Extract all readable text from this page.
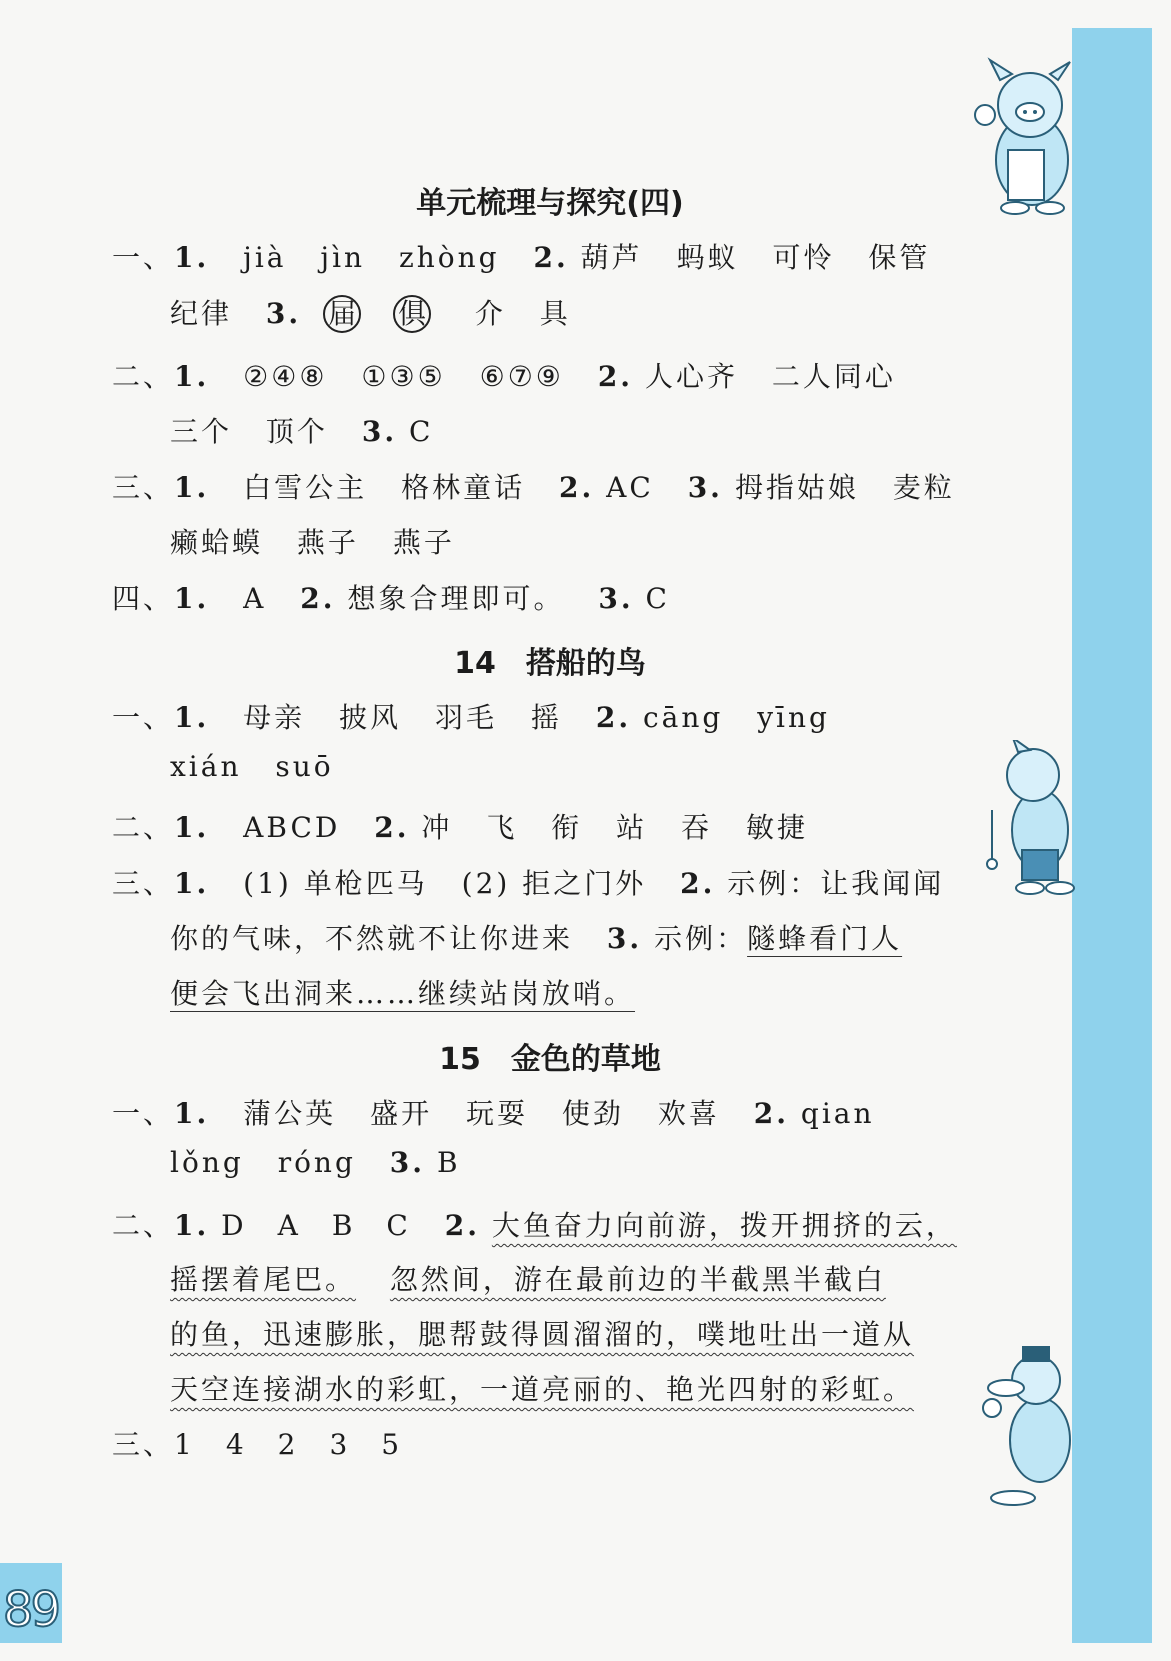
89
单元梳理与探究(四)
一、1. jià jìn zhòng 2. 葫芦 蚂蚁 可怜 保管
纪律 3. 届 俱 介 具
二、1. ②④⑧ ①③⑤ ⑥⑦⑨ 2. 人心齐 二人同心
三个 顶个 3. C
三、1. 白雪公主 格林童话 2. AC 3. 拇指姑娘 麦粒
癞蛤蟆 燕子 燕子
四、1. A 2. 想象合理即可。 3. C
14　搭船的鸟
一、1. 母亲 披风 羽毛 摇 2. cāng yīng
xián suō
二、1. ABCD 2. 冲 飞 衔 站 吞 敏捷
三、1. (1) 单枪匹马 (2) 拒之门外 2. 示例：让我闻闻
你的气味，不然就不让你进来 3. 示例：隧蜂看门人
便会飞出洞来……继续站岗放哨。
15　金色的草地
一、1. 蒲公英 盛开 玩耍 使劲 欢喜 2. qian
lǒng róng 3. B
二、1. D　A　B　C 2. 大鱼奋力向前游，拨开拥挤的云，
摇摆着尾巴。 忽然间，游在最前边的半截黑半截白
的鱼，迅速膨胀，腮帮鼓得圆溜溜的，噗地吐出一道从
天空连接湖水的彩虹，一道亮丽的、艳光四射的彩虹。
三、1　4　2　3　5
